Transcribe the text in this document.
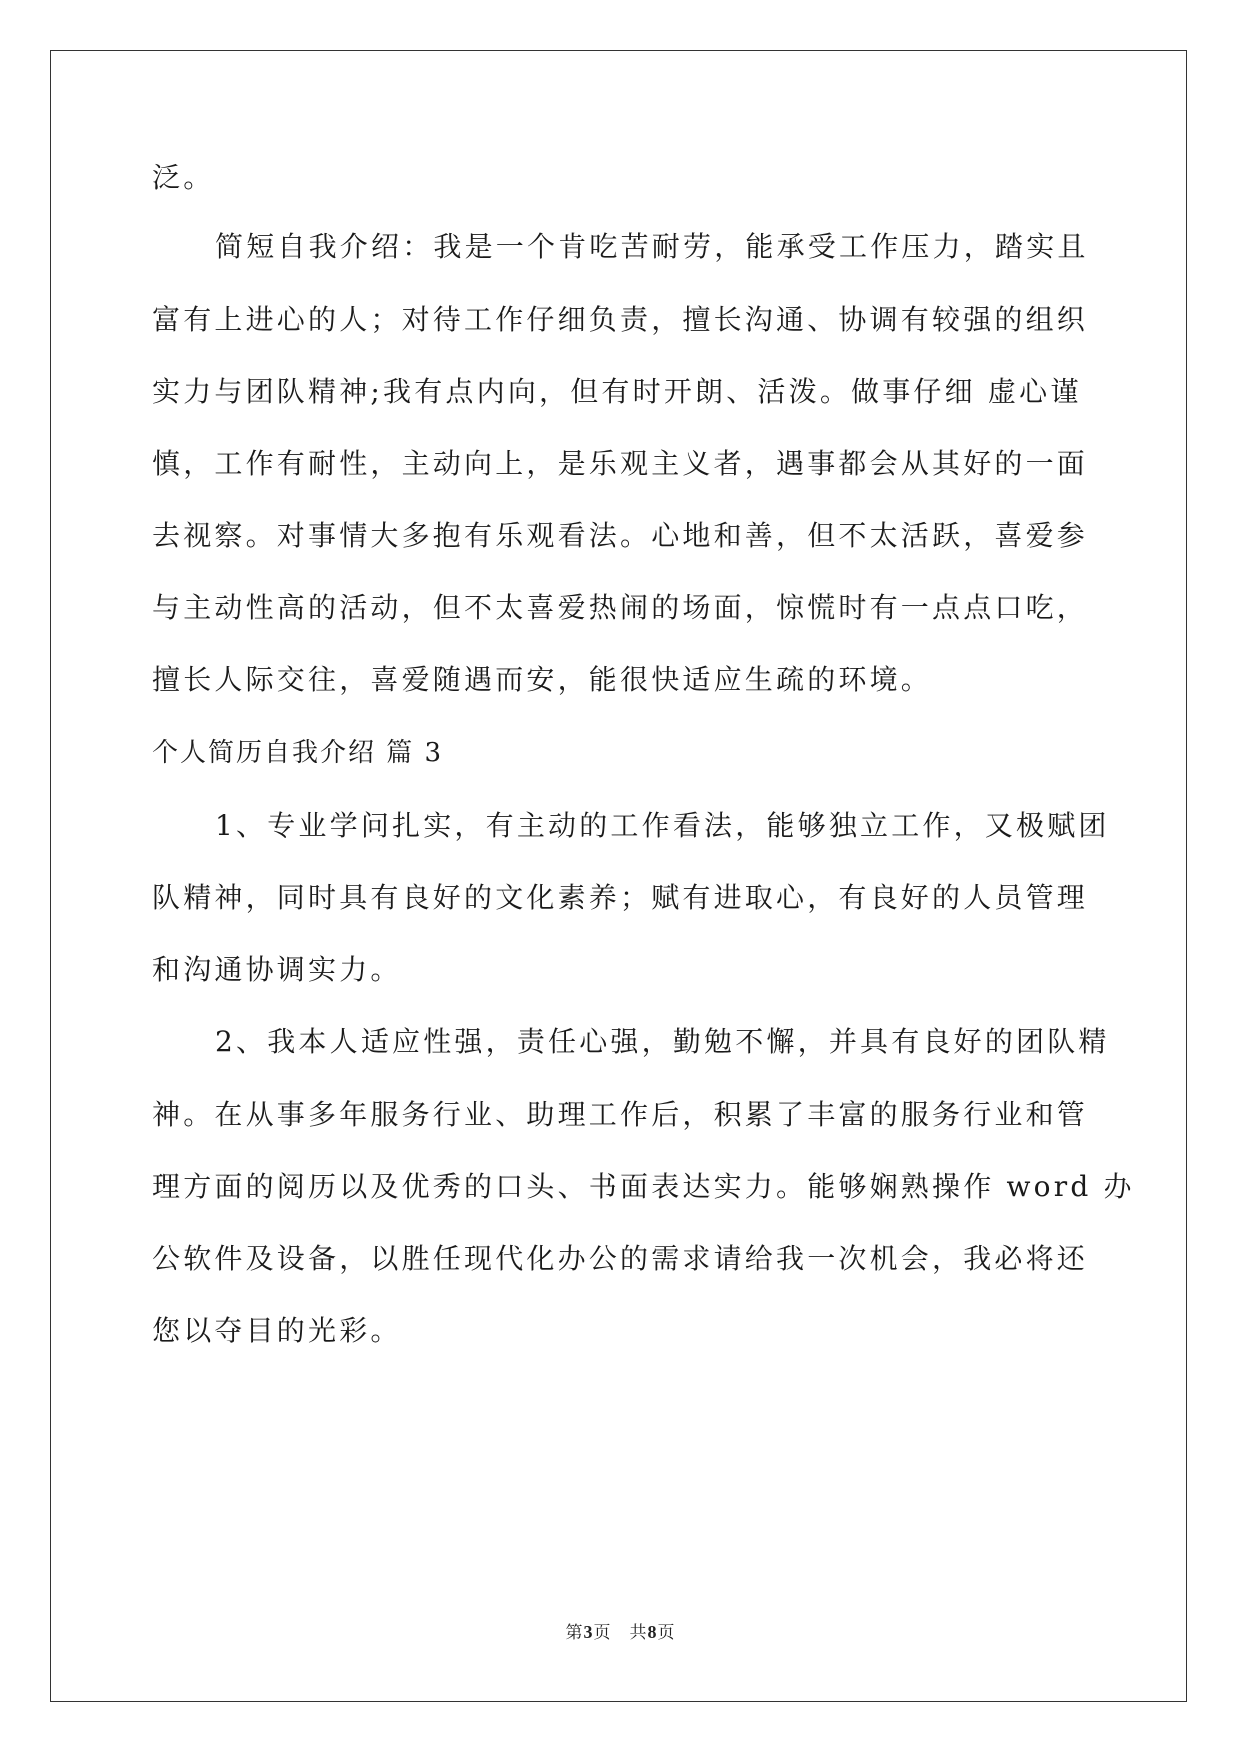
泛。
简短自我介绍：我是一个肯吃苦耐劳，能承受工作压力，踏实且
富有上进心的人；对待工作仔细负责，擅长沟通、协调有较强的组织
实力与团队精神;我有点内向，但有时开朗、活泼。做事仔细 虚心谨
慎，工作有耐性，主动向上，是乐观主义者，遇事都会从其好的一面
去视察。对事情大多抱有乐观看法。心地和善，但不太活跃，喜爱参
与主动性高的活动，但不太喜爱热闹的场面，惊慌时有一点点口吃，
擅长人际交往，喜爱随遇而安，能很快适应生疏的环境。
个人简历自我介绍 篇 3
1、专业学问扎实，有主动的工作看法，能够独立工作，又极赋团
队精神，同时具有良好的文化素养；赋有进取心，有良好的人员管理
和沟通协调实力。
2、我本人适应性强，责任心强，勤勉不懈，并具有良好的团队精
神。在从事多年服务行业、助理工作后，积累了丰富的服务行业和管
理方面的阅历以及优秀的口头、书面表达实力。能够娴熟操作 word 办
公软件及设备，以胜任现代化办公的需求请给我一次机会，我必将还
您以夺目的光彩。
第3页 共8页
